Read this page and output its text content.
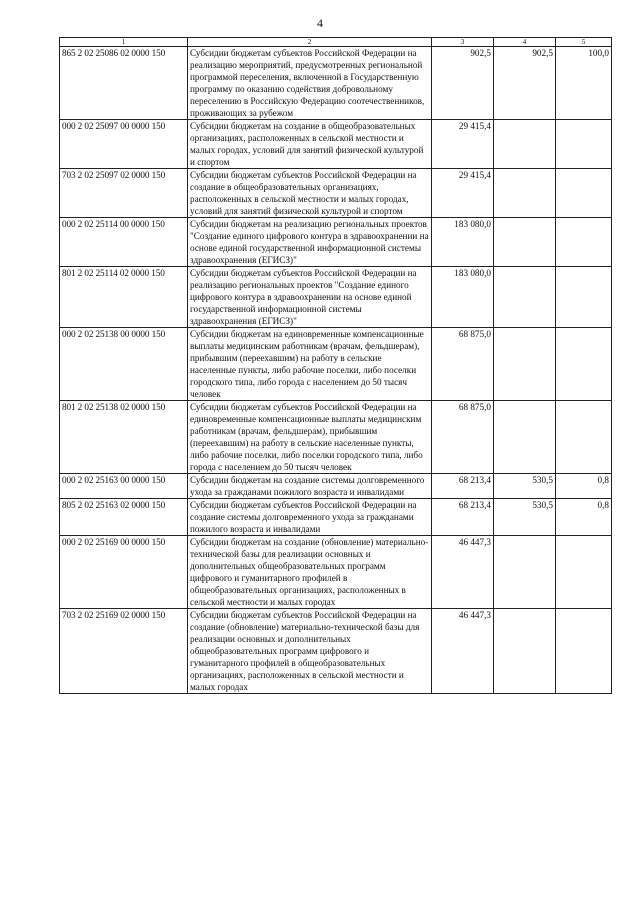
4
1	2	3	4	5
865 2 02 25086 02 0000 150	Субсидии бюджетам субъектов Российской Федерации на реализацию мероприятий, предусмотренных региональной программой переселения, включенной в Государственную программу по оказанию содействия добровольному переселению в Российскую Федерацию соотечественников, проживающих за рубежом	902,5	902,5	100,0
000 2 02 25097 00 0000 150	Субсидии бюджетам на создание в общеобразовательных организациях, расположенных в сельской местности и малых городах, условий для занятий физической культурой и спортом	29 415,4		
703 2 02 25097 02 0000 150	Субсидии бюджетам субъектов Российской Федерации на создание в общеобразовательных организациях, расположенных в сельской местности и малых городах, условий для занятий физической культурой и спортом	29 415,4		
000 2 02 25114 00 0000 150	Субсидии бюджетам на реализацию региональных проектов "Создание единого цифрового контура в здравоохранении на основе единой государственной информационной системы здравоохранения (ЕГИСЗ)"	183 080,0		
801 2 02 25114 02 0000 150	Субсидии бюджетам субъектов Российской Федерации на реализацию региональных проектов "Создание единого цифрового контура в здравоохранении на основе единой государственной информационной системы здравоохранения (ЕГИСЗ)"	183 080,0		
000 2 02 25138 00 0000 150	Субсидии бюджетам на единовременные компенсационные выплаты медицинским работникам (врачам, фельдшерам), прибывшим (переехавшим) на работу в сельские населенные пункты, либо рабочие поселки, либо поселки городского типа, либо города с населением до 50 тысяч человек	68 875,0		
801 2 02 25138 02 0000 150	Субсидии бюджетам субъектов Российской Федерации на единовременные компенсационные выплаты медицинским работникам (врачам, фельдшерам), прибывшим (переехавшим) на работу в сельские населенные пункты, либо рабочие поселки, либо поселки городского типа, либо города с населением до 50 тысяч человек	68 875,0		
000 2 02 25163 00 0000 150	Субсидии бюджетам на создание системы долговременного ухода за гражданами пожилого возраста и инвалидами	68 213,4	530,5	0,8
805 2 02 25163 02 0000 150	Субсидии бюджетам субъектов Российской Федерации на создание системы долговременного ухода за гражданами пожилого возраста и инвалидами	68 213,4	530,5	0,8
000 2 02 25169 00 0000 150	Субсидии бюджетам на создание (обновление) материально-технической базы для реализации основных и дополнительных общеобразовательных программ цифрового и гуманитарного профилей в общеобразовательных организациях, расположенных в сельской местности и малых городах	46 447,3		
703 2 02 25169 02 0000 150	Субсидии бюджетам субъектов Российской Федерации на создание (обновление) материально-технической базы для реализации основных и дополнительных общеобразовательных программ цифрового и гуманитарного профилей в общеобразовательных организациях, расположенных в сельской местности и малых городах	46 447,3		
